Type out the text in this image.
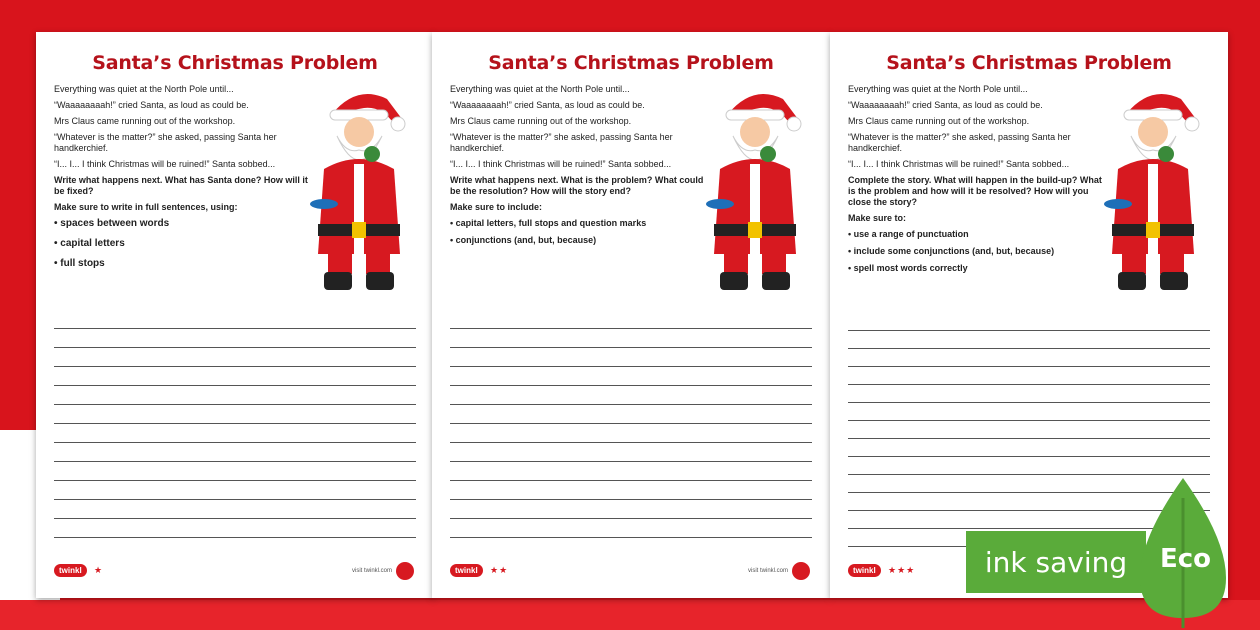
Santa’s Christmas Problem

Everything was quiet at the North Pole until...

“Waaaaaaaah!” cried Santa, as loud as could be.

Mrs Claus came running out of the workshop.

“Whatever is the matter?” she asked, passing Santa her handkerchief.

“I... I... I think Christmas will be ruined!” Santa sobbed...

Write what happens next. What has Santa done? How will it be fixed?

Make sure to write in full sentences, using:

• spaces between words

• capital letters

• full stops

twinkl	★	visit twinkl.com
Santa’s Christmas Problem

Everything was quiet at the North Pole until...

“Waaaaaaaah!” cried Santa, as loud as could be.

Mrs Claus came running out of the workshop.

“Whatever is the matter?” she asked, passing Santa her handkerchief.

“I... I... I think Christmas will be ruined!” Santa sobbed...

Write what happens next. What is the problem? What could be the resolution? How will the story end?

Make sure to include:

• capital letters, full stops and question marks

• conjunctions (and, but, because)

twinkl	★★	visit twinkl.com
Santa’s Christmas Problem

Everything was quiet at the North Pole until...

“Waaaaaaaah!” cried Santa, as loud as could be.

Mrs Claus came running out of the workshop.

“Whatever is the matter?” she asked, passing Santa her handkerchief.

“I... I... I think Christmas will be ruined!” Santa sobbed...

Complete the story. What will happen in the build-up? What is the problem and how will it be resolved? How will you close the story?

Make sure to:

• use a range of punctuation

• include some conjunctions (and, but, because)

• spell most words correctly

twinkl	★★★	ink saving	Eco
